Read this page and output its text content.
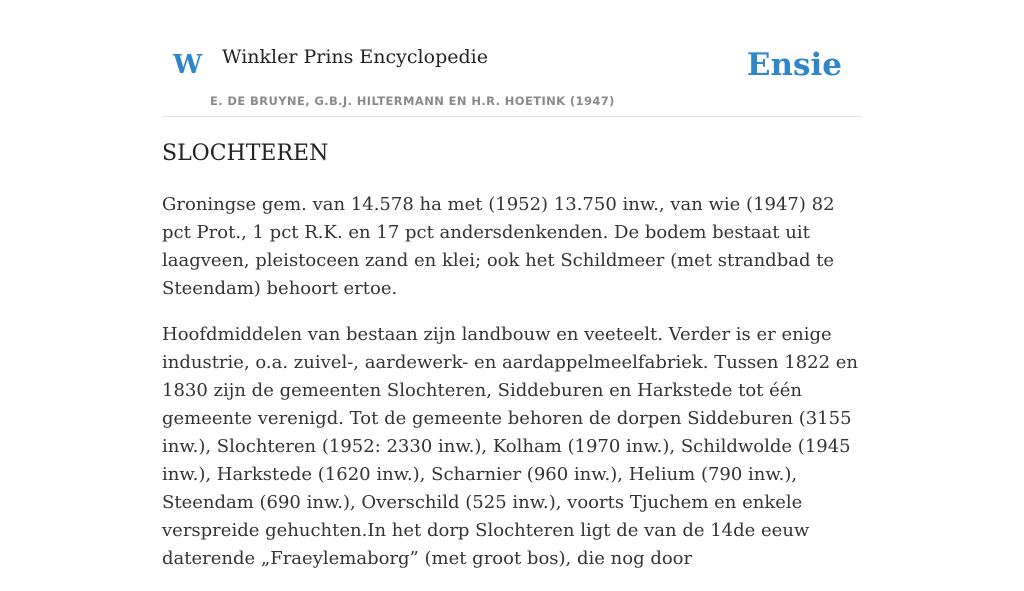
W Winkler Prins Encyclopedie
E. DE BRUYNE, G.B.J. HILTERMANN EN H.R. HOETINK (1947)
Ensie
SLOCHTEREN

Groningse gem. van 14.578 ha met (1952) 13.750 inw., van wie (1947) 82 pct Prot., 1 pct R.K. en 17 pct andersdenkenden. De bodem bestaat uit laagveen, pleistoceen zand en klei; ook het Schildmeer (met strandbad te Steendam) behoort ertoe.

Hoofdmiddelen van bestaan zijn landbouw en veeteelt. Verder is er enige industrie, o.a. zuivel-, aardewerk- en aardappelmeelfabriek. Tussen 1822 en 1830 zijn de gemeenten Slochteren, Siddeburen en Harkstede tot één gemeente verenigd. Tot de gemeente behoren de dorpen Siddeburen (3155 inw.), Slochteren (1952: 2330 inw.), Kolham (1970 inw.), Schildwolde (1945 inw.), Harkstede (1620 inw.), Scharnier (960 inw.), Helium (790 inw.), Steendam (690 inw.), Overschild (525 inw.), voorts Tjuchem en enkele verspreide gehuchten.In het dorp Slochteren ligt de van de 14de eeuw daterende „Fraeylemaborg” (met groot bos), die nog door
